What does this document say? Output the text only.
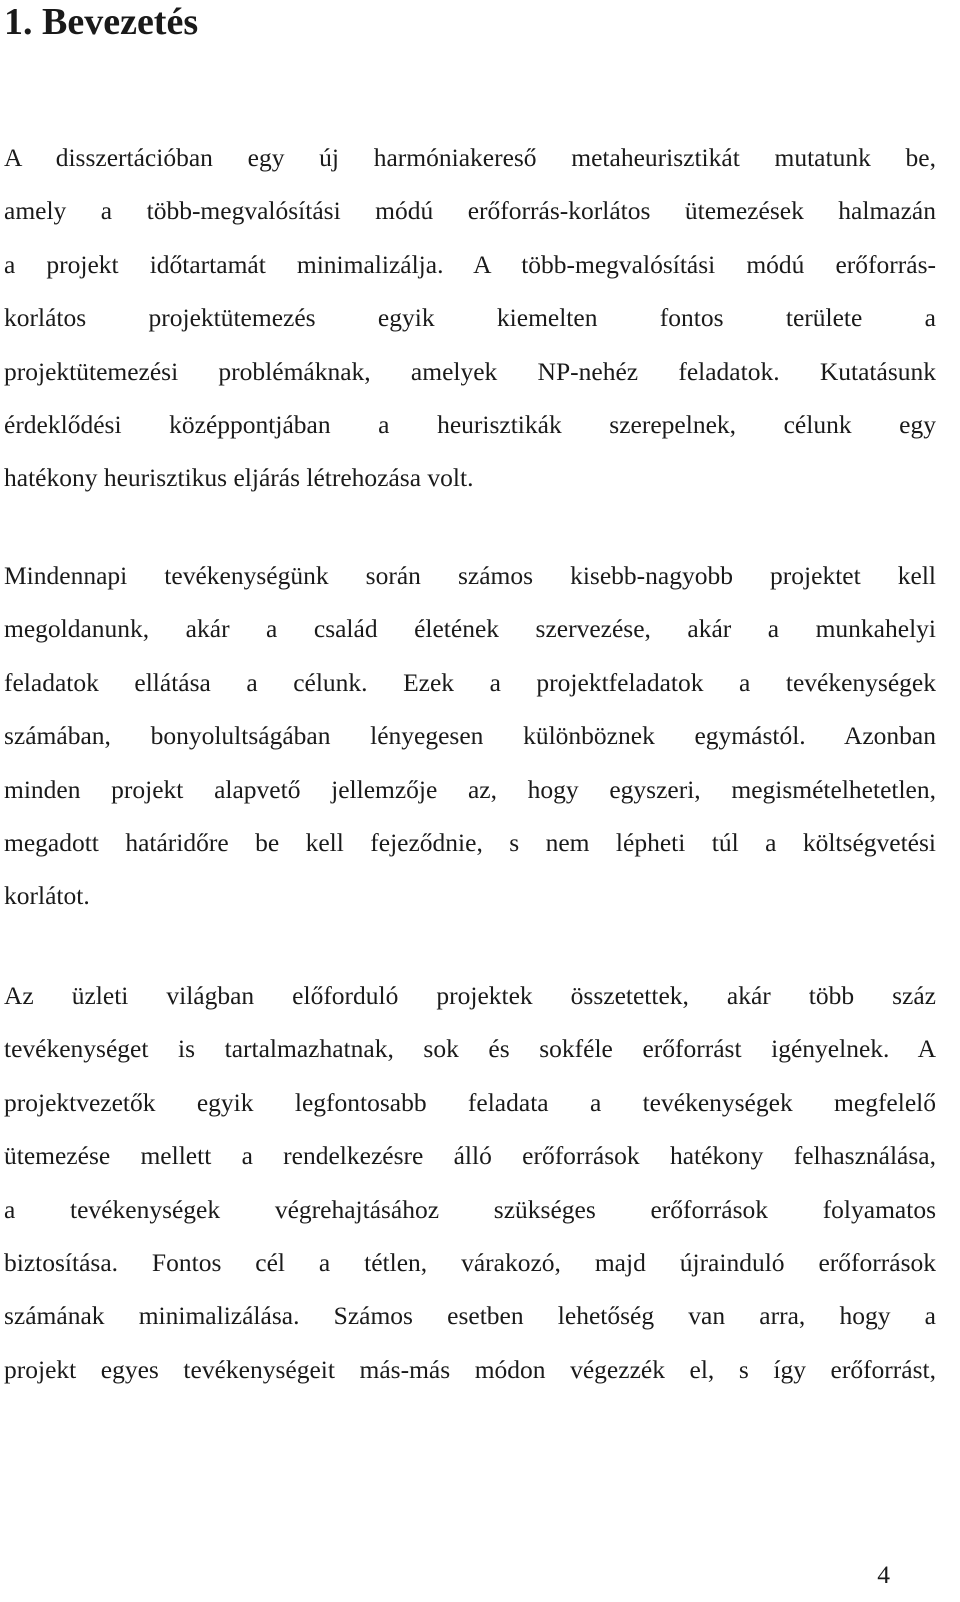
1. Bevezetés
A disszertációban egy új harmóniakereső metaheurisztikát mutatunk be,
amely a több-megvalósítási módú erőforrás-korlátos ütemezések halmazán
a projekt időtartamát minimalizálja. A több-megvalósítási módú erőforrás-
korlátos projektütemezés egyik kiemelten fontos területe a
projektütemezési problémáknak, amelyek NP-nehéz feladatok. Kutatásunk
érdeklődési középpontjában a heurisztikák szerepelnek, célunk egy
hatékony heurisztikus eljárás létrehozása volt.
Mindennapi tevékenységünk során számos kisebb-nagyobb projektet kell
megoldanunk, akár a család életének szervezése, akár a munkahelyi
feladatok ellátása a célunk. Ezek a projektfeladatok a tevékenységek
számában, bonyolultságában lényegesen különböznek egymástól. Azonban
minden projekt alapvető jellemzője az, hogy egyszeri, megismételhetetlen,
megadott határidőre be kell fejeződnie, s nem lépheti túl a költségvetési
korlátot.
Az üzleti világban előforduló projektek összetettek, akár több száz
tevékenységet is tartalmazhatnak, sok és sokféle erőforrást igényelnek. A
projektvezetők egyik legfontosabb feladata a tevékenységek megfelelő
ütemezése mellett a rendelkezésre álló erőforrások hatékony felhasználása,
a tevékenységek végrehajtásához szükséges erőforrások folyamatos
biztosítása. Fontos cél a tétlen, várakozó, majd újrainduló erőforrások
számának minimalizálása. Számos esetben lehetőség van arra, hogy a
projekt egyes tevékenységeit más-más módon végezzék el, s így erőforrást,
4
